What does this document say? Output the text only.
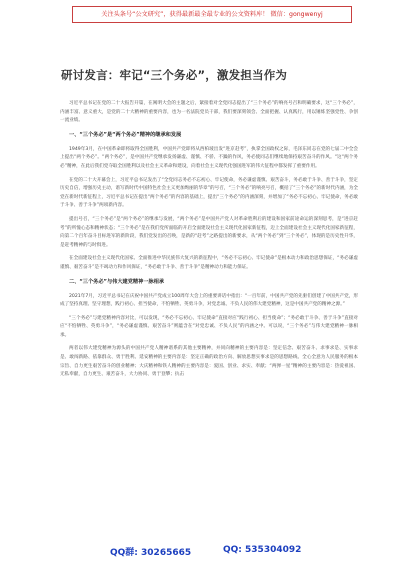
关注头条号“公文研究”，获得最新最全最专业的公文资料库！ 微信：gongwenyj
研讨发言：牢记“三个务必”，激发担当作为
习近平总书记在党的二十大报告开篇，在阐明大会的主题之后，紧接着对全党同志提出了“三个务必”的响亮号召和明确要求，这“三个务必”，内涵丰富、意义重大，是党的二十大精神的重要内容，也为一名法院党员干部，我们要深刻领会、全面把握、认真践行，用以锤炼坚强党性、争创一流业绩。
一、“三个务必”是“两个务必”精神的继承和发展
1949年3月，在中国革命即将取得全国胜利，中国共产党即将从西柏坡出发“进京赶考”，执掌全国政权之际，毛泽东同志在党的七届二中全会上提出“两个务必”。“两个务必”，是中国共产党继承发扬谦虚、谨慎、不骄、不躁的作风，务必使同志们继续地保持艰苦奋斗的作风。“这“两个务必”精神，在此后我们党夺取全国胜利以及社会主义革命和建设，向着社会主义现代化强国进军的伟大征程中都发挥了重要作用。
在党的二十大开幕会上，习近平总书记发出了“全党同志务必不忘初心、牢记使命，务必谦虚谨慎、艰苦奋斗，务必敢于斗争、善于斗争，坚定历史自信，增强历史主动，谱写新时代中国特色社会主义更加绚丽的华章”的号召，“三个务必”的响亮号召，概括了“三个务必”的新时代内涵，为全党在新时代新征程上，习近平总书记在提出“两个务必”的内容的基础上，提出“三个务必”的内涵深刻，并增加了“务必不忘初心、牢记使命，务必敢于斗争、善于斗争”两项新内容。
提出号召，“三个务必”是“两个务必”的继承与发展，“两个务必”是中国共产党人对革命胜利后的建设和国家前途命运的深刻思考，是“进京赶考”的所憧心态和精神状态；“三个务必”是在我们党所面临的开启全面建设社会主义现代化国家新征程，迈上全面建设社会主义现代化国家新征程，向第二个百年奋斗目标进军的新阶段，我们党发出的召唤，是新的“赶考”之路提出的新要求，从“两个务必”到“三个务必”，体现的是历史性升华，是赶考精神的与时俱进。
在全面建设社会主义现代化国家、全面推进中华民族伟大复兴的新征程中，“务必不忘初心、牢记使命”是根本动力和政治思想保证，“务必谦虚谨慎、艰苦奋斗”是不竭动力和作风保证，“务必敢于斗争、善于斗争”是精神动力和能力保证。
二、“三个务必”与伟大建党精神一脉相承
2021年7月，习近平总书记在庆祝中国共产党成立100周年大会上的重要讲话中指出：“一百年前，中国共产党的先驱们创建了中国共产党，形成了坚持真理、坚守理想，践行初心、担当使命，不怕牺牲、英勇斗争，对党忠诚、不负人民的伟大建党精神，这是中国共产党的精神之源。”
“三个务必”与建党精神内容对比，可以发现，“务必不忘初心、牢记使命”直接对应“践行初心、担当使命”；“务必敢于斗争、善于斗争”直接对应“不怕牺牲、英勇斗争”，“务必谦虚谨慎、艰苦奋斗”则蕴含在“对党忠诚、不负人民”的内涵之中。可以说，“三个务必”与伟大建党精神一脉相承。
两者以伟大建党精神为源头的中国共产党人精神谱系的其他主要精神，并同向精神的主要内容是：坚定信念、艰苦奋斗、求事求是、实事求是、敢闯新路、依靠群众、勇于胜利。延安精神的主要内容是：坚定正确的政治方向、解放思想实事求是的思想路线、全心全意为人民服务的根本宗旨、自力更生艰苦奋斗的创业精神；大庆精神和铁人精神的主要内容是：爱国、创业、求实、奉献；“两弹一星”精神的主要内容是：热爱祖国、无私奉献，自力更生、艰苦奋斗，大力协同、勇于登攀；抗击
QQ群: 30265665	QQ: 535304092
